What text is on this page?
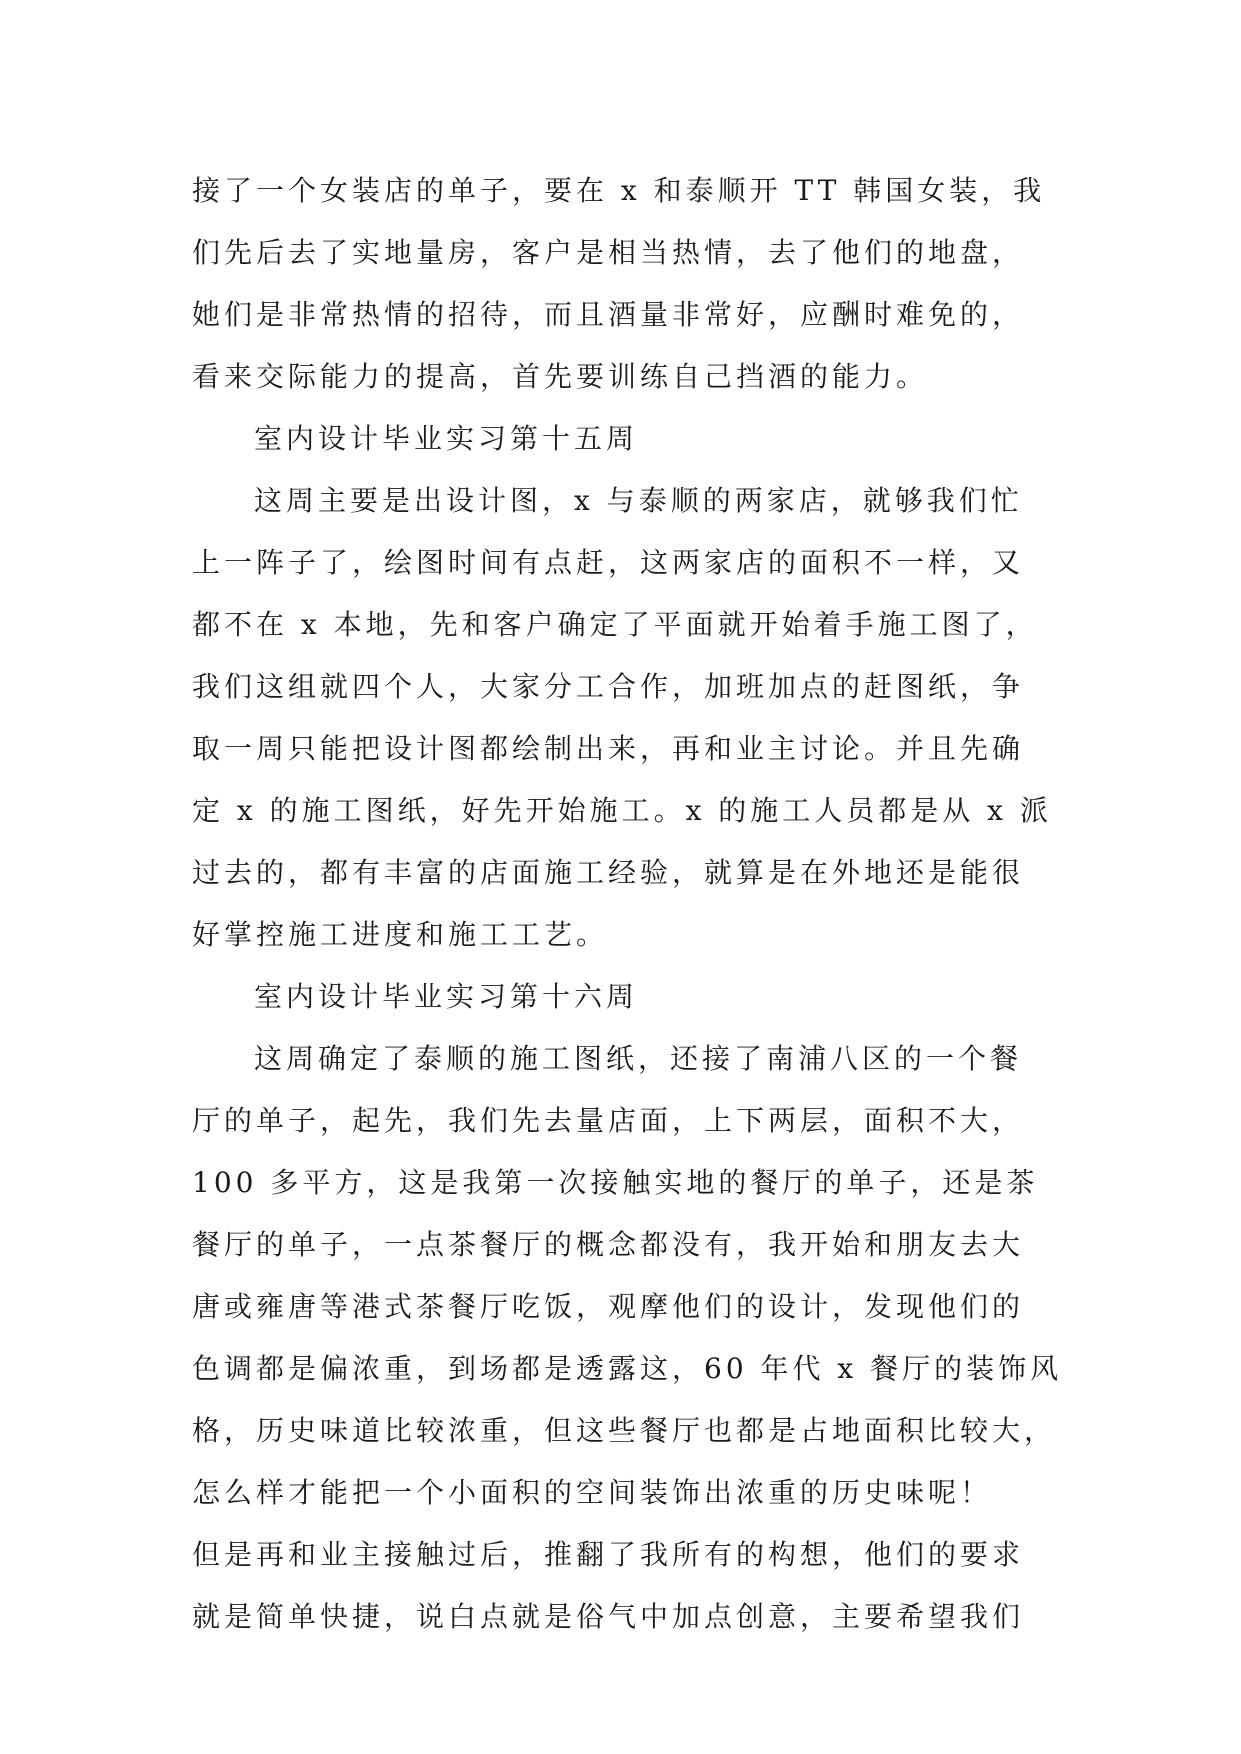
接了一个女装店的单子，要在 x 和泰顺开 TT 韩国女装，我
们先后去了实地量房，客户是相当热情，去了他们的地盘，
她们是非常热情的招待，而且酒量非常好，应酬时难免的，
看来交际能力的提高，首先要训练自己挡酒的能力。
室内设计毕业实习第十五周
这周主要是出设计图，x 与泰顺的两家店，就够我们忙
上一阵子了，绘图时间有点赶，这两家店的面积不一样，又
都不在 x 本地，先和客户确定了平面就开始着手施工图了，
我们这组就四个人，大家分工合作，加班加点的赶图纸，争
取一周只能把设计图都绘制出来，再和业主讨论。并且先确
定 x 的施工图纸，好先开始施工。x 的施工人员都是从 x 派
过去的，都有丰富的店面施工经验，就算是在外地还是能很
好掌控施工进度和施工工艺。
室内设计毕业实习第十六周
这周确定了泰顺的施工图纸，还接了南浦八区的一个餐
厅的单子，起先，我们先去量店面，上下两层，面积不大，
100 多平方，这是我第一次接触实地的餐厅的单子，还是茶
餐厅的单子，一点茶餐厅的概念都没有，我开始和朋友去大
唐或雍唐等港式茶餐厅吃饭，观摩他们的设计，发现他们的
色调都是偏浓重，到场都是透露这，60 年代 x 餐厅的装饰风
格，历史味道比较浓重，但这些餐厅也都是占地面积比较大，
怎么样才能把一个小面积的空间装饰出浓重的历史味呢！
但是再和业主接触过后，推翻了我所有的构想，他们的要求
就是简单快捷，说白点就是俗气中加点创意，主要希望我们
